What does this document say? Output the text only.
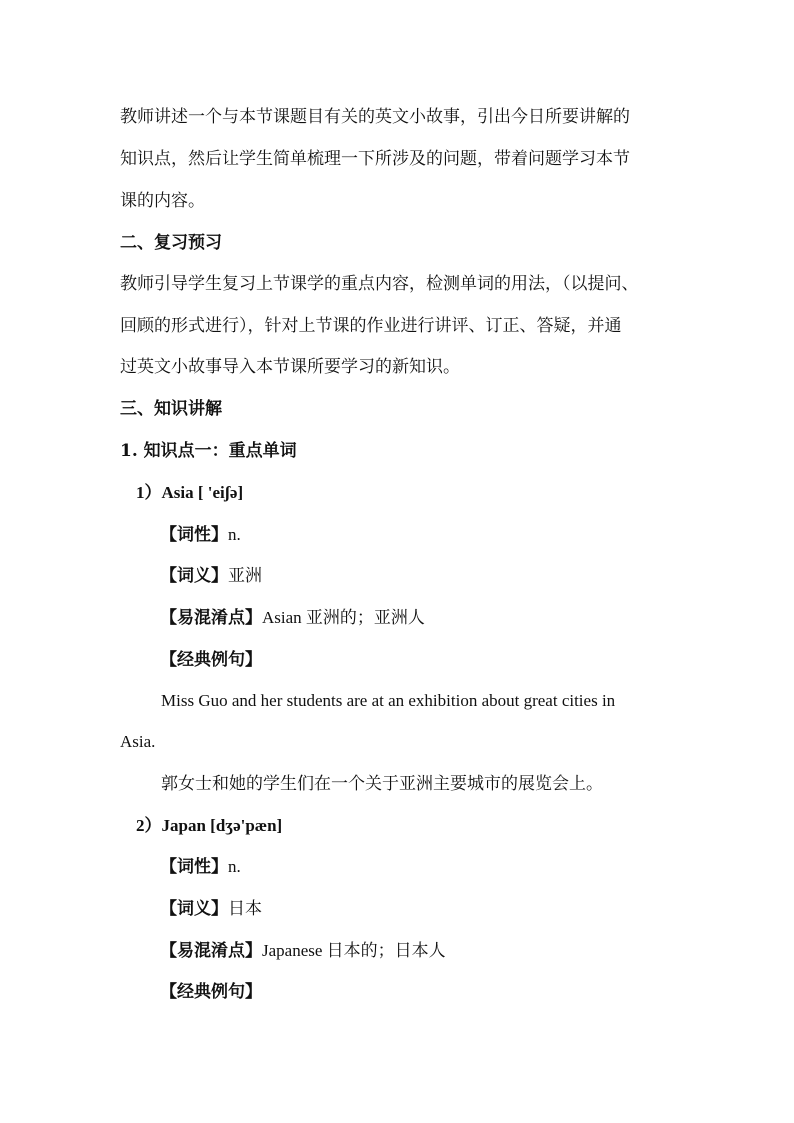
教师讲述一个与本节课题目有关的英文小故事，引出今日所要讲解的
知识点，然后让学生简单梳理一下所涉及的问题，带着问题学习本节
课的内容。
二、复习预习
教师引导学生复习上节课学的重点内容，检测单词的用法，（以提问、
回顾的形式进行），针对上节课的作业进行讲评、订正、答疑，并通
过英文小故事导入本节课所要学习的新知识。
三、知识讲解
1. 知识点一：重点单词
1）Asia [ 'eiʃə]
【词性】n.
【词义】亚洲
【易混淆点】Asian 亚洲的；亚洲人
【经典例句】
Miss Guo and her students are at an exhibition about great cities in
Asia.
郭女士和她的学生们在一个关于亚洲主要城市的展览会上。
2）Japan [dʒə'pæn]
【词性】n.
【词义】日本
【易混淆点】Japanese 日本的；日本人
【经典例句】
